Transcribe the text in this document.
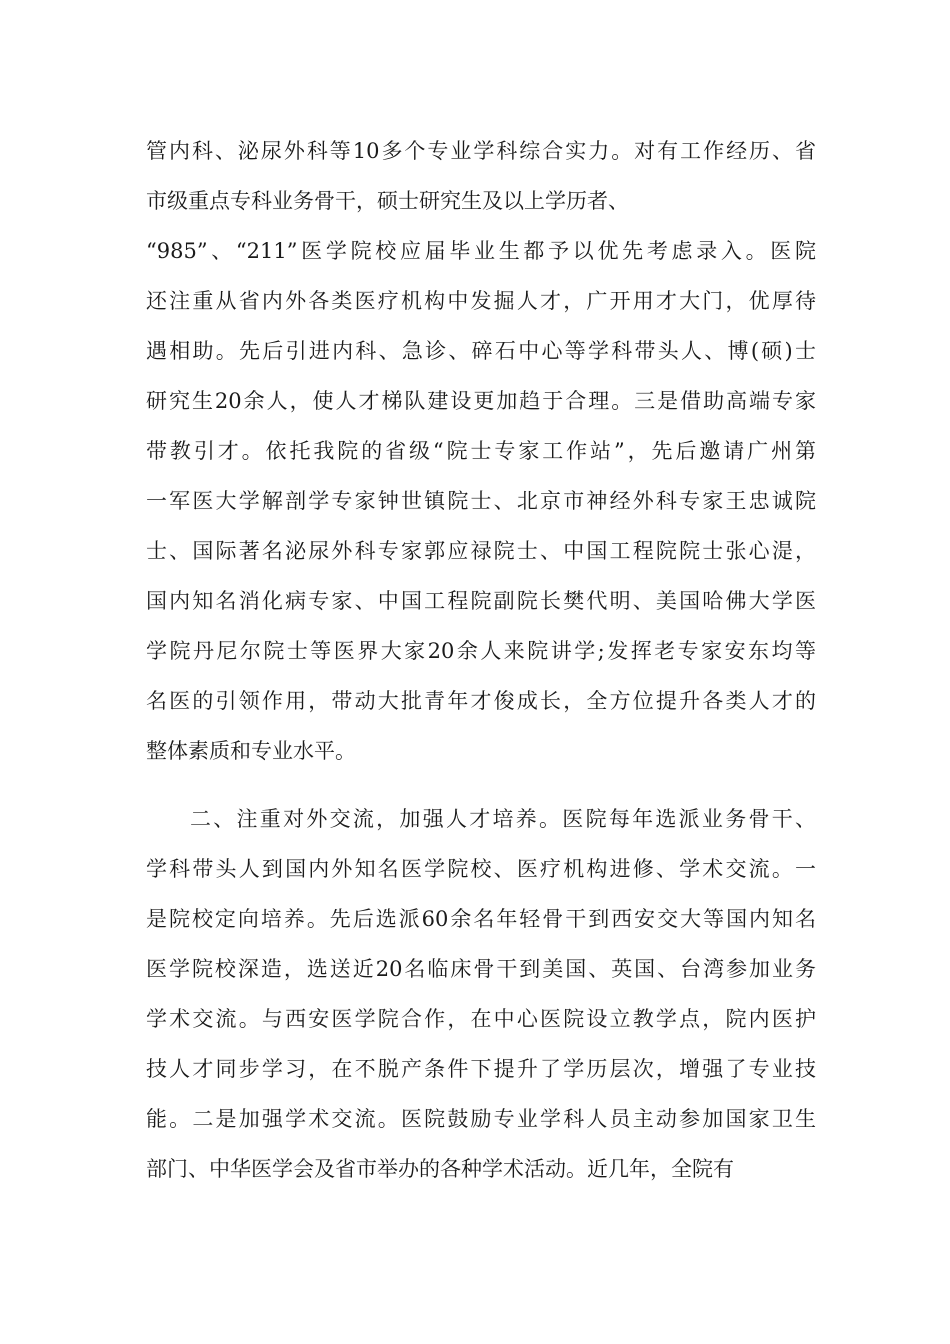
管内科、泌尿外科等10多个专业学科综合实力。对有工作经历、省

市级重点专科业务骨干，硕士研究生及以上学历者、

“985”、“211”医学院校应届毕业生都予以优先考虑录入。医院

还注重从省内外各类医疗机构中发掘人才，广开用才大门，优厚待

遇相助。先后引进内科、急诊、碎石中心等学科带头人、博(硕)士

研究生20余人，使人才梯队建设更加趋于合理。三是借助高端专家

带教引才。依托我院的省级“院士专家工作站”，先后邀请广州第

一军医大学解剖学专家钟世镇院士、北京市神经外科专家王忠诚院

士、国际著名泌尿外科专家郭应禄院士、中国工程院院士张心湜，

国内知名消化病专家、中国工程院副院长樊代明、美国哈佛大学医

学院丹尼尔院士等医界大家20余人来院讲学;发挥老专家安东均等

名医的引领作用，带动大批青年才俊成长，全方位提升各类人才的

整体素质和专业水平。

二、注重对外交流，加强人才培养。医院每年选派业务骨干、

学科带头人到国内外知名医学院校、医疗机构进修、学术交流。一

是院校定向培养。先后选派60余名年轻骨干到西安交大等国内知名

医学院校深造，选送近20名临床骨干到美国、英国、台湾参加业务

学术交流。与西安医学院合作，在中心医院设立教学点，院内医护

技人才同步学习，在不脱产条件下提升了学历层次，增强了专业技

能。二是加强学术交流。医院鼓励专业学科人员主动参加国家卫生

部门、中华医学会及省市举办的各种学术活动。近几年，全院有
